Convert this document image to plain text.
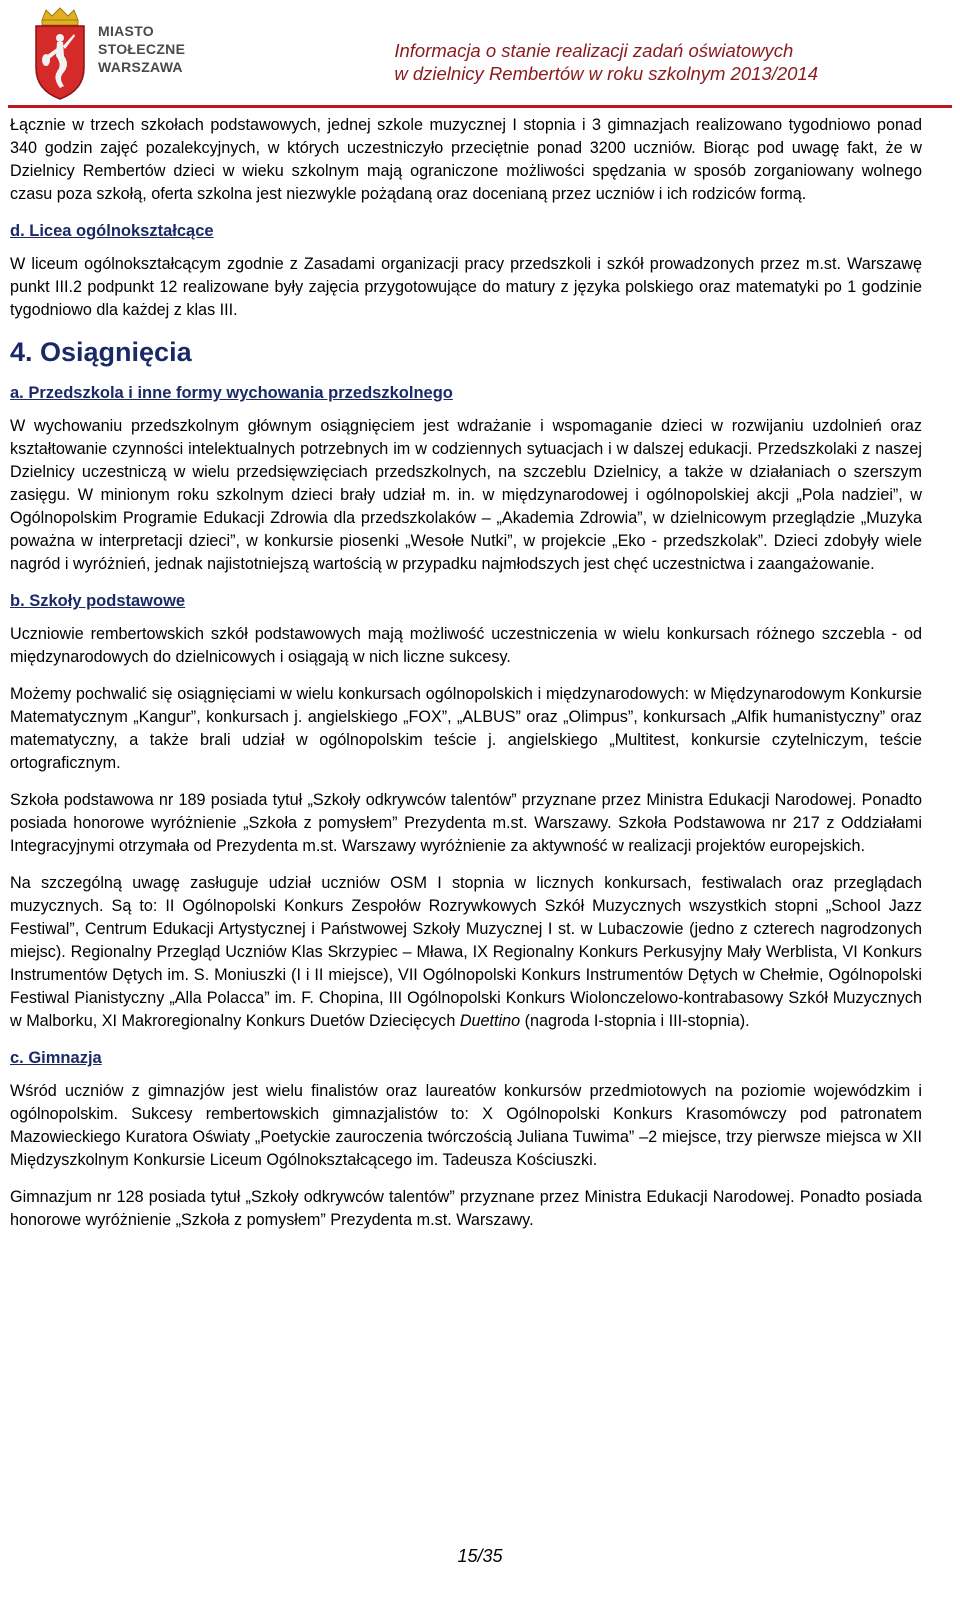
MIASTO
STOŁECZNE
WARSZAWA
Informacja o stanie realizacji zadań oświatowych
w dzielnicy Rembertów w roku szkolnym 2013/2014

Łącznie w trzech szkołach podstawowych, jednej szkole muzycznej I stopnia i 3 gimnazjach realizowano tygodniowo ponad 340 godzin zajęć pozalekcyjnych, w których uczestniczyło przeciętnie ponad 3200 uczniów. Biorąc pod uwagę fakt, że w Dzielnicy Rembertów dzieci w wieku szkolnym mają ograniczone możliwości spędzania w sposób zorganiowany wolnego czasu poza szkołą, oferta szkolna jest niezwykle pożądaną oraz docenianą przez uczniów i ich rodziców formą.

d. Licea ogólnokształcące

W liceum ogólnokształcącym zgodnie z Zasadami organizacji pracy przedszkoli i szkół prowadzonych przez m.st. Warszawę punkt III.2 podpunkt 12 realizowane były zajęcia przygotowujące do matury z języka polskiego oraz matematyki po 1 godzinie tygodniowo dla każdej z klas III.

4. Osiągnięcia
a. Przedszkola i inne formy wychowania przedszkolnego

W wychowaniu przedszkolnym głównym osiągnięciem jest wdrażanie i wspomaganie dzieci w rozwijaniu uzdolnień oraz kształtowanie czynności intelektualnych potrzebnych im w codziennych sytuacjach i w dalszej edukacji. Przedszkolaki z naszej Dzielnicy uczestniczą w wielu przedsięwzięciach przedszkolnych, na szczeblu Dzielnicy, a także w działaniach o szerszym zasięgu. W minionym roku szkolnym dzieci brały udział m. in. w międzynarodowej i ogólnopolskiej akcji „Pola nadziei”, w Ogólnopolskim Programie Edukacji Zdrowia dla przedszkolaków – „Akademia Zdrowia”, w dzielnicowym przeglądzie „Muzyka poważna w interpretacji dzieci”, w konkursie piosenki „Wesołe Nutki”, w projekcie „Eko - przedszkolak”. Dzieci zdobyły wiele nagród i wyróżnień, jednak najistotniejszą wartością w przypadku najmłodszych jest chęć uczestnictwa i zaangażowanie.

b. Szkoły podstawowe

Uczniowie rembertowskich szkół podstawowych mają możliwość uczestniczenia w wielu konkursach różnego szczebla - od międzynarodowych do dzielnicowych i osiągają w nich liczne sukcesy.

Możemy pochwalić się osiągnięciami w wielu konkursach ogólnopolskich i międzynarodowych: w Międzynarodowym Konkursie Matematycznym „Kangur”, konkursach j. angielskiego „FOX”, „ALBUS” oraz „Olimpus”, konkursach „Alfik humanistyczny” oraz matematyczny, a także brali udział w ogólnopolskim teście j. angielskiego „Multitest, konkursie czytelniczym, teście ortograficznym.

Szkoła podstawowa nr 189 posiada tytuł „Szkoły odkrywców talentów” przyznane przez Ministra Edukacji Narodowej. Ponadto posiada honorowe wyróżnienie „Szkoła z pomysłem” Prezydenta m.st. Warszawy. Szkoła Podstawowa nr 217 z Oddziałami Integracyjnymi otrzymała od Prezydenta m.st. Warszawy wyróżnienie za aktywność w realizacji projektów europejskich.

Na szczególną uwagę zasługuje udział uczniów OSM I stopnia w licznych konkursach, festiwalach oraz przeglądach muzycznych. Są to: II Ogólnopolski Konkurs Zespołów Rozrywkowych Szkół Muzycznych wszystkich stopni „School Jazz Festiwal”, Centrum Edukacji Artystycznej i Państwowej Szkoły Muzycznej I st. w Lubaczowie (jedno z czterech nagrodzonych miejsc). Regionalny Przegląd Uczniów Klas Skrzypiec – Mława, IX Regionalny Konkurs Perkusyjny Mały Werblista, VI Konkurs Instrumentów Dętych im. S. Moniuszki (I i II miejsce), VII Ogólnopolski Konkurs Instrumentów Dętych w Chełmie, Ogólnopolski Festiwal Pianistyczny „Alla Polacca” im. F. Chopina, III Ogólnopolski Konkurs Wiolonczelowo-kontrabasowy Szkół Muzycznych w Malborku, XI Makroregionalny Konkurs Duetów Dziecięcych Duettino (nagroda I-stopnia i III-stopnia).

c. Gimnazja

Wśród uczniów z gimnazjów jest wielu finalistów oraz laureatów konkursów przedmiotowych na poziomie wojewódzkim i ogólnopolskim. Sukcesy rembertowskich gimnazjalistów to: X Ogólnopolski Konkurs Krasomówczy pod patronatem Mazowieckiego Kuratora Oświaty „Poetyckie zauroczenia twórczością Juliana Tuwima” –2 miejsce, trzy pierwsze miejsca w XII Międzyszkolnym Konkursie Liceum Ogólnokształcącego im. Tadeusza Kościuszki.

Gimnazjum nr 128 posiada tytuł „Szkoły odkrywców talentów” przyznane przez Ministra Edukacji Narodowej. Ponadto posiada honorowe wyróżnienie „Szkoła z pomysłem” Prezydenta m.st. Warszawy.

15/35
